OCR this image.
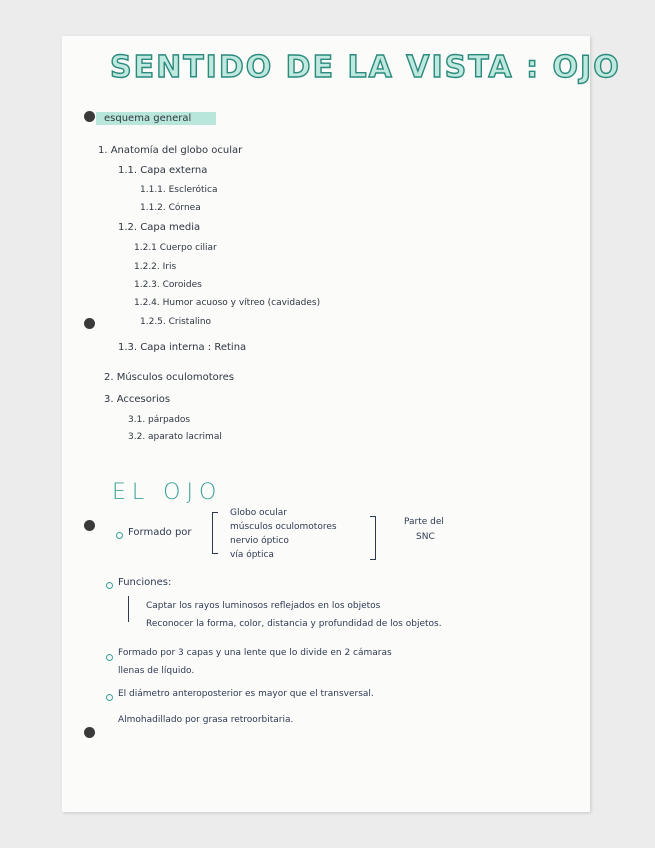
SENTIDO DE LA VISTA : OJO
esquema general
1. Anatomía del globo ocular
1.1. Capa externa
1.1.1. Esclerótica
1.1.2. Córnea
1.2. Capa media
1.2.1 Cuerpo ciliar
1.2.2. Iris
1.2.3. Coroides
1.2.4. Humor acuoso y vítreo (cavidades)
1.2.5. Cristalino
1.3. Capa interna : Retina
2. Músculos oculomotores
3. Accesorios
3.1. párpados
3.2. aparato lacrimal
EL OJO
Formado por
Globo ocular
músculos oculomotores
nervio óptico
vía óptica
Parte del
SNC
Funciones:
Captar los rayos luminosos reflejados en los objetos
Reconocer la forma, color, distancia y profundidad de los objetos.
Formado por 3 capas y una lente que lo divide en 2 cámaras
llenas de líquido.
El diámetro anteroposterior es mayor que el transversal.
Almohadillado por grasa retroorbitaria.
